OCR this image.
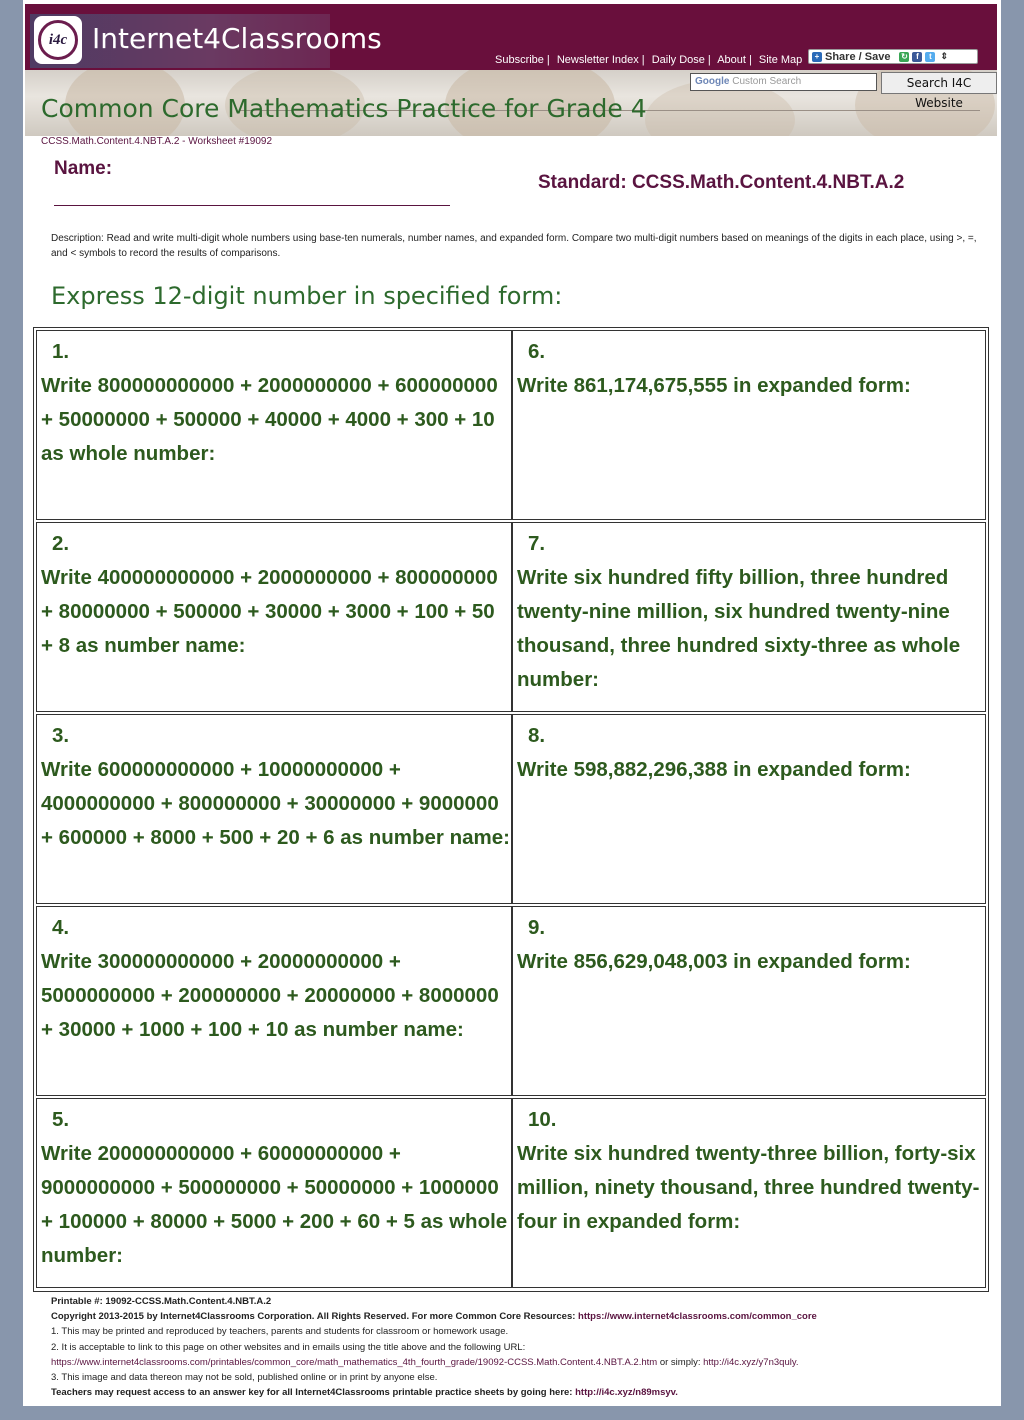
i4c Internet4Classrooms
Subscribe | Newsletter Index | Daily Dose | About | Site Map	+ Share / Save ↻	f	t ⇕
Common Core Mathematics Practice for Grade 4
Google Custom Search	Search I4C Website
CCSS.Math.Content.4.NBT.A.2 - Worksheet #19092
Name:
Standard: CCSS.Math.Content.4.NBT.A.2
Description: Read and write multi-digit whole numbers using base-ten numerals, number names, and expanded form. Compare two multi-digit numbers based on meanings of the digits in each place, using >, =, and < symbols to record the results of comparisons.
Express 12-digit number in specified form:
1.
Write 800000000000 + 2000000000 + 600000000 + 50000000 + 500000 + 40000 + 4000 + 300 + 10 as whole number:
2.
Write 400000000000 + 2000000000 + 800000000 + 80000000 + 500000 + 30000 + 3000 + 100 + 50 + 8 as number name:
3.
Write 600000000000 + 10000000000 + 4000000000 + 800000000 + 30000000 + 9000000 + 600000 + 8000 + 500 + 20 + 6 as number name:
4.
Write 300000000000 + 20000000000 + 5000000000 + 200000000 + 20000000 + 8000000 + 30000 + 1000 + 100 + 10 as number name:
5.
Write 200000000000 + 60000000000 + 9000000000 + 500000000 + 50000000 + 1000000 + 100000 + 80000 + 5000 + 200 + 60 + 5 as whole number:
6.
Write 861,174,675,555 in expanded form:
7.
Write six hundred fifty billion, three hundred twenty-nine million, six hundred twenty-nine thousand, three hundred sixty-three as whole number:
8.
Write 598,882,296,388 in expanded form:
9.
Write 856,629,048,003 in expanded form:
10.
Write six hundred twenty-three billion, forty-six million, ninety thousand, three hundred twenty-four in expanded form:
Printable #: 19092-CCSS.Math.Content.4.NBT.A.2
Copyright 2013-2015 by Internet4Classrooms Corporation. All Rights Reserved. For more Common Core Resources: https://www.internet4classrooms.com/common_core
1. This may be printed and reproduced by teachers, parents and students for classroom or homework usage.
2. It is acceptable to link to this page on other websites and in emails using the title above and the following URL:
https://www.internet4classrooms.com/printables/common_core/math_mathematics_4th_fourth_grade/19092-CCSS.Math.Content.4.NBT.A.2.htm or simply: http://i4c.xyz/y7n3quly.
3. This image and data thereon may not be sold, published online or in print by anyone else.
Teachers may request access to an answer key for all Internet4Classrooms printable practice sheets by going here: http://i4c.xyz/n89msyv.
